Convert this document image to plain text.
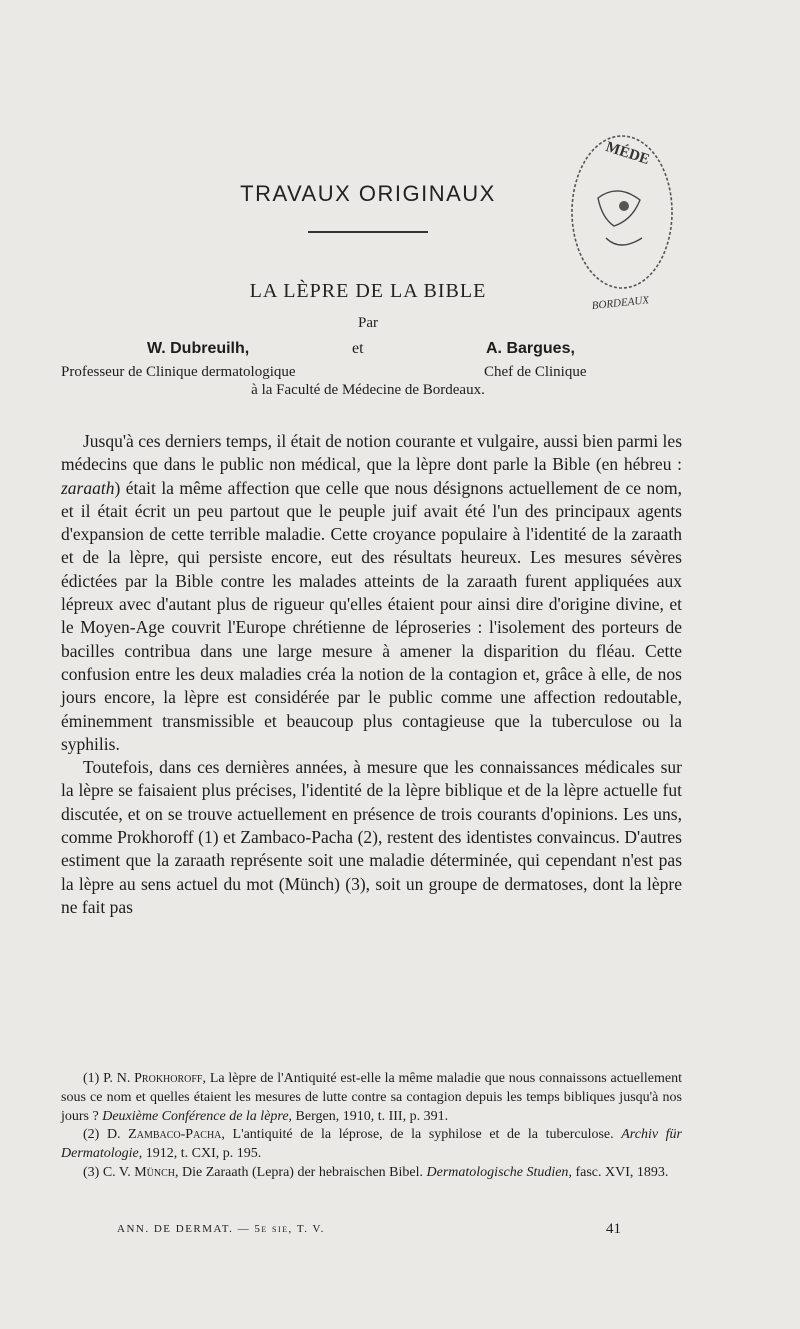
TRAVAUX ORIGINAUX
MÉDE
BORDEAUX
LA LÈPRE DE LA BIBLE
Par
W. Dubreuilh,	et	A. Bargues,
Professeur de Clinique dermatologique	Chef de Clinique
à la Faculté de Médecine de Bordeaux.

Jusqu'à ces derniers temps, il était de notion courante et vulgaire, aussi bien parmi les médecins que dans le public non médical, que la lèpre dont parle la Bible (en hébreu : zaraath) était la même affection que celle que nous désignons actuellement de ce nom, et il était écrit un peu partout que le peuple juif avait été l'un des principaux agents d'expansion de cette terrible maladie. Cette croyance populaire à l'identité de la zaraath et de la lèpre, qui persiste encore, eut des résultats heureux. Les mesures sévères édictées par la Bible contre les malades atteints de la zaraath furent appliquées aux lépreux avec d'autant plus de rigueur qu'elles étaient pour ainsi dire d'origine divine, et le Moyen-Age couvrit l'Europe chrétienne de léproseries : l'isolement des porteurs de bacilles contribua dans une large mesure à amener la disparition du fléau. Cette confusion entre les deux maladies créa la notion de la contagion et, grâce à elle, de nos jours encore, la lèpre est considérée par le public comme une affection redoutable, éminemment transmissible et beaucoup plus contagieuse que la tuberculose ou la syphilis.

Toutefois, dans ces dernières années, à mesure que les connaissances médicales sur la lèpre se faisaient plus précises, l'identité de la lèpre biblique et de la lèpre actuelle fut discutée, et on se trouve actuellement en présence de trois courants d'opinions. Les uns, comme Prokhoroff (1) et Zambaco-Pacha (2), restent des identistes convaincus. D'autres estiment que la zaraath représente soit une maladie déterminée, qui cependant n'est pas la lèpre au sens actuel du mot (Münch) (3), soit un groupe de dermatoses, dont la lèpre ne fait pas

(1) P. N. Prokhoroff, La lèpre de l'Antiquité est-elle la même maladie que nous connaissons actuellement sous ce nom et quelles étaient les mesures de lutte contre sa contagion depuis les temps bibliques jusqu'à nos jours ? Deuxième Conférence de la lèpre, Bergen, 1910, t. III, p. 391.

(2) D. Zambaco-Pacha, L'antiquité de la léprose, de la syphilose et de la tuberculose. Archiv für Dermatologie, 1912, t. CXI, p. 195.

(3) C. V. Münch, Die Zaraath (Lepra) der hebraischen Bibel. Dermatologische Studien, fasc. XVI, 1893.

ANN. DE DERMAT. — 5e sie, T. V.	41
